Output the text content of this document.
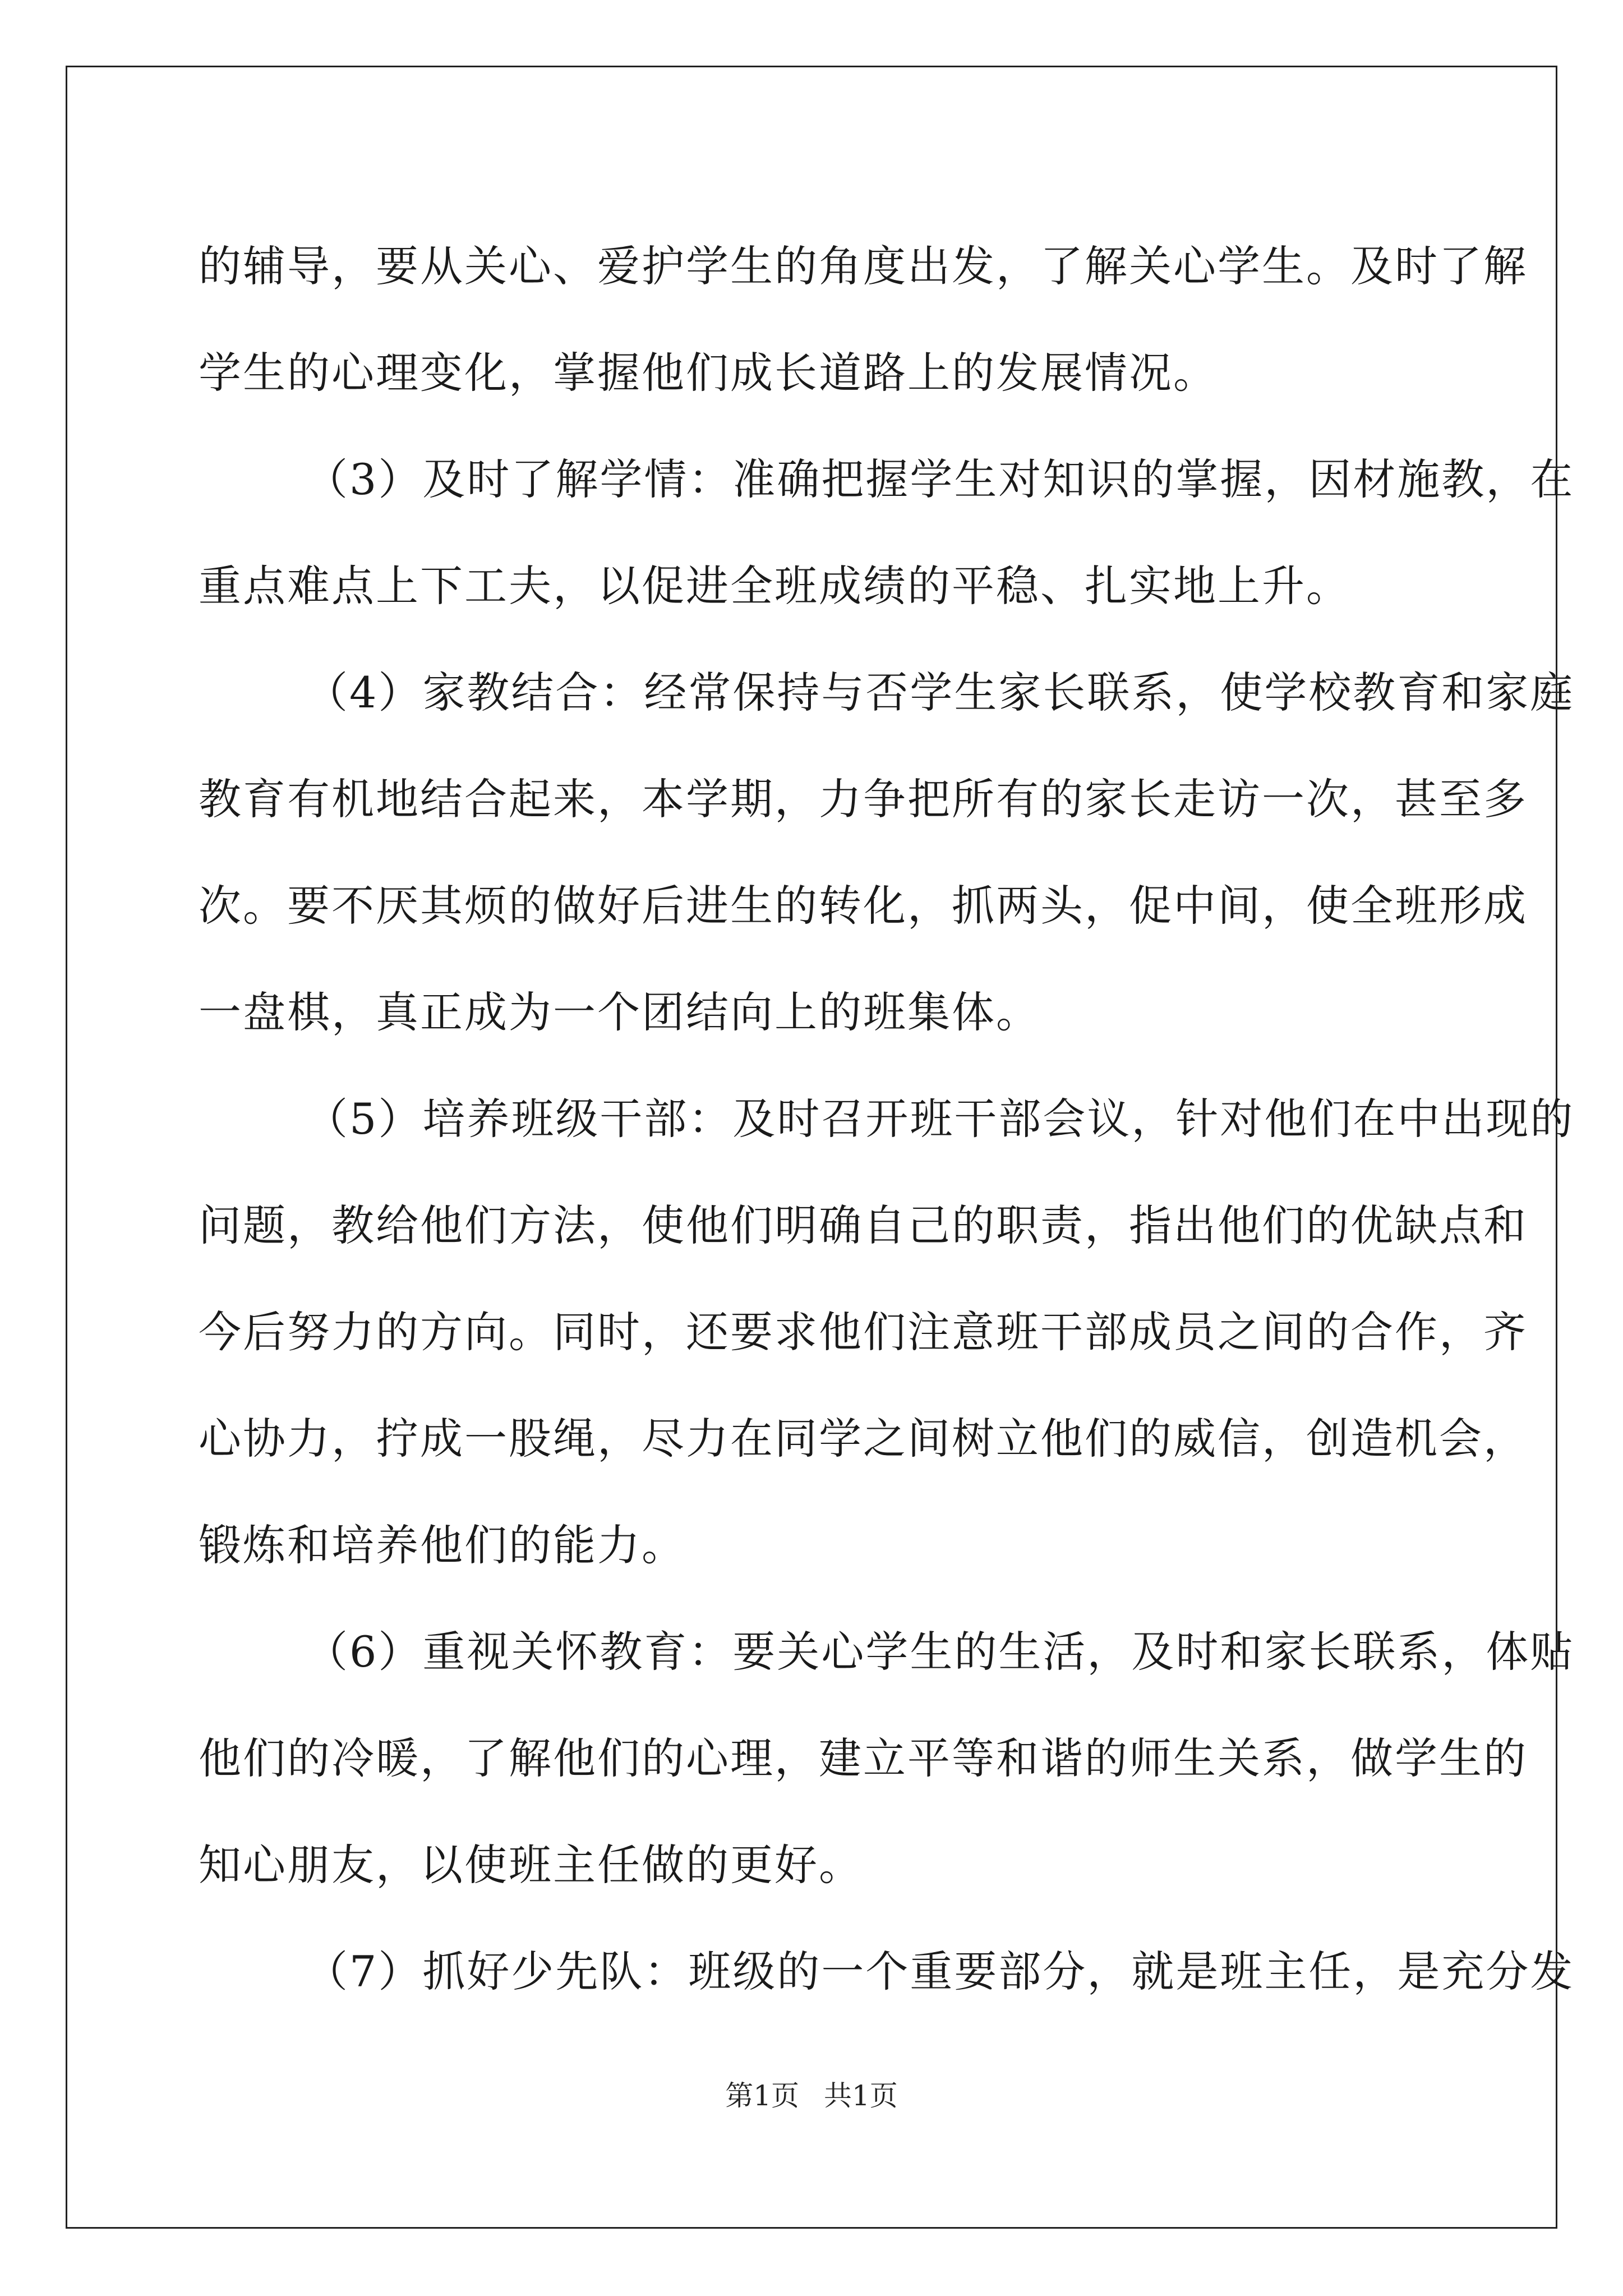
的辅导，要从关心、爱护学生的角度出发，了解关心学生。及时了解
学生的心理变化，掌握他们成长道路上的发展情况。
（3）及时了解学情：准确把握学生对知识的掌握，因材施教，在
重点难点上下工夫，以促进全班成绩的平稳、扎实地上升。
（4）家教结合：经常保持与否学生家长联系，使学校教育和家庭
教育有机地结合起来，本学期，力争把所有的家长走访一次，甚至多
次。要不厌其烦的做好后进生的转化，抓两头，促中间，使全班形成
一盘棋，真正成为一个团结向上的班集体。
（5）培养班级干部：及时召开班干部会议，针对他们在中出现的
问题，教给他们方法，使他们明确自己的职责，指出他们的优缺点和
今后努力的方向。同时，还要求他们注意班干部成员之间的合作，齐
心协力，拧成一股绳，尽力在同学之间树立他们的威信，创造机会，
锻炼和培养他们的能力。
（6）重视关怀教育：要关心学生的生活，及时和家长联系，体贴
他们的冷暖，了解他们的心理，建立平等和谐的师生关系，做学生的
知心朋友，以使班主任做的更好。
（7）抓好少先队：班级的一个重要部分，就是班主任，是充分发
第1页 共1页
